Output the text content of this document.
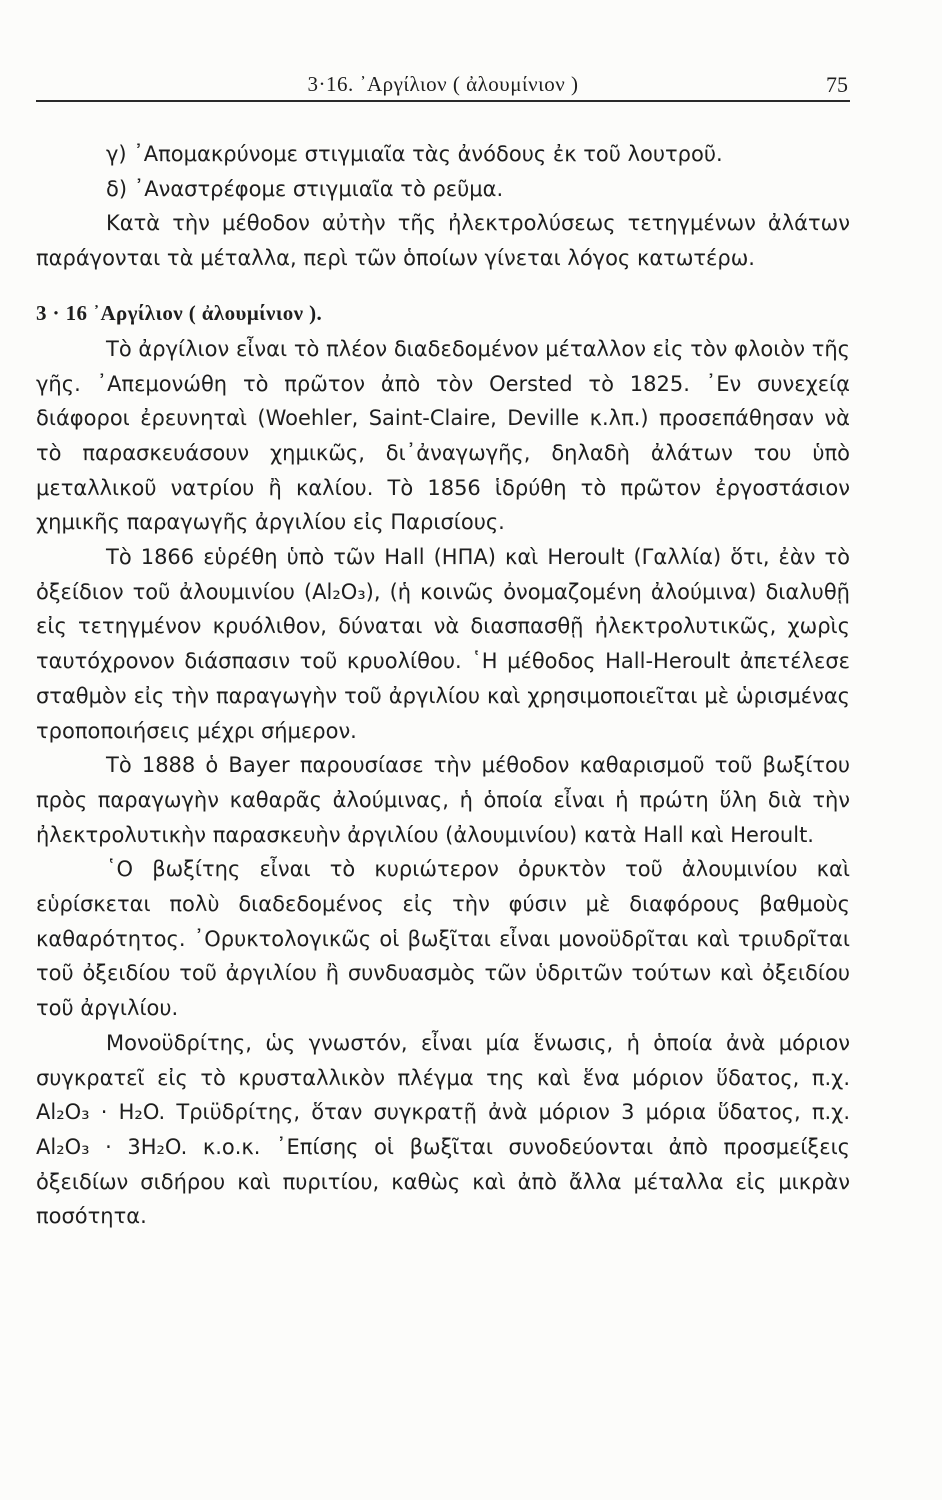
3·16. ᾿Αργίλιον ( ἀλουμίνιον )	75

γ) ᾿Απομακρύνομε στιγμιαῖα τὰς ἀνόδους ἐκ τοῦ λουτροῦ.

δ) ᾿Αναστρέφομε στιγμιαῖα τὸ ρεῦμα.

Κατὰ τὴν μέθοδον αὐτὴν τῆς ἠλεκτρολύσεως τετηγμένων ἀλάτων παράγονται τὰ μέταλλα, περὶ τῶν ὁποίων γίνεται λόγος κατωτέρω.

3 · 16 ᾿Αργίλιον ( ἀλουμίνιον ).

Τὸ ἀργίλιον εἶναι τὸ πλέον διαδεδομένον μέταλλον εἰς τὸν φλοιὸν τῆς γῆς. ᾿Απεμονώθη τὸ πρῶτον ἀπὸ τὸν Oersted τὸ 1825. ᾿Εν συνεχείᾳ διάφοροι ἐρευνηταὶ (Woehler, Saint-Claire, Deville κ.λπ.) προσεπάθησαν νὰ τὸ παρασκευάσουν χημικῶς, δι᾿ἀναγωγῆς, δηλαδὴ ἀλάτων του ὑπὸ μεταλλικοῦ νατρίου ἢ καλίου. Τὸ 1856 ἱδρύθη τὸ πρῶτον ἐργοστάσιον χημικῆς παραγωγῆς ἀργιλίου εἰς Παρισίους.

Τὸ 1866 εὑρέθη ὑπὸ τῶν Hall (ΗΠΑ) καὶ Heroult (Γαλλία) ὅτι, ἐὰν τὸ ὀξείδιον τοῦ ἀλουμινίου (Al₂O₃), (ἡ κοινῶς ὀνομαζομένη ἀλούμινα) διαλυθῇ εἰς τετηγμένον κρυόλιθον, δύναται νὰ διασπασθῇ ἠλεκτρολυτικῶς, χωρὶς ταυτόχρονον διάσπασιν τοῦ κρυολίθου. ῾Η μέθοδος Hall-Heroult ἀπετέλεσε σταθμὸν εἰς τὴν παραγωγὴν τοῦ ἀργιλίου καὶ χρησιμοποιεῖται μὲ ὡρισμένας τροποποιήσεις μέχρι σήμερον.

Τὸ 1888 ὁ Bayer παρουσίασε τὴν μέθοδον καθαρισμοῦ τοῦ βωξίτου πρὸς παραγωγὴν καθαρᾶς ἀλούμινας, ἡ ὁποία εἶναι ἡ πρώτη ὕλη διὰ τὴν ἠλεκτρολυτικὴν παρασκευὴν ἀργιλίου (ἀλουμινίου) κατὰ Hall καὶ Heroult.

῾Ο βωξίτης εἶναι τὸ κυριώτερον ὀρυκτὸν τοῦ ἀλουμινίου καὶ εὑρίσκεται πολὺ διαδεδομένος εἰς τὴν φύσιν μὲ διαφόρους βαθμοὺς καθαρότητος. ᾿Ορυκτολογικῶς οἱ βωξῖται εἶναι μονοϋδρῖται καὶ τριυδρῖται τοῦ ὀξειδίου τοῦ ἀργιλίου ἢ συνδυασμὸς τῶν ὑδριτῶν τούτων καὶ ὀξειδίου τοῦ ἀργιλίου.

Μονοϋδρίτης, ὡς γνωστόν, εἶναι μία ἕνωσις, ἡ ὁποία ἀνὰ μόριον συγκρατεῖ εἰς τὸ κρυσταλλικὸν πλέγμα της καὶ ἕνα μόριον ὕδατος, π.χ. Al₂O₃ · H₂O. Τριϋδρίτης, ὅταν συγκρατῇ ἀνὰ μόριον 3 μόρια ὕδατος, π.χ. Al₂O₃ · 3H₂O. κ.ο.κ. ᾿Επίσης οἱ βωξῖται συνοδεύονται ἀπὸ προσμείξεις ὀξειδίων σιδήρου καὶ πυριτίου, καθὼς καὶ ἀπὸ ἄλλα μέταλλα εἰς μικρὰν ποσότητα.
